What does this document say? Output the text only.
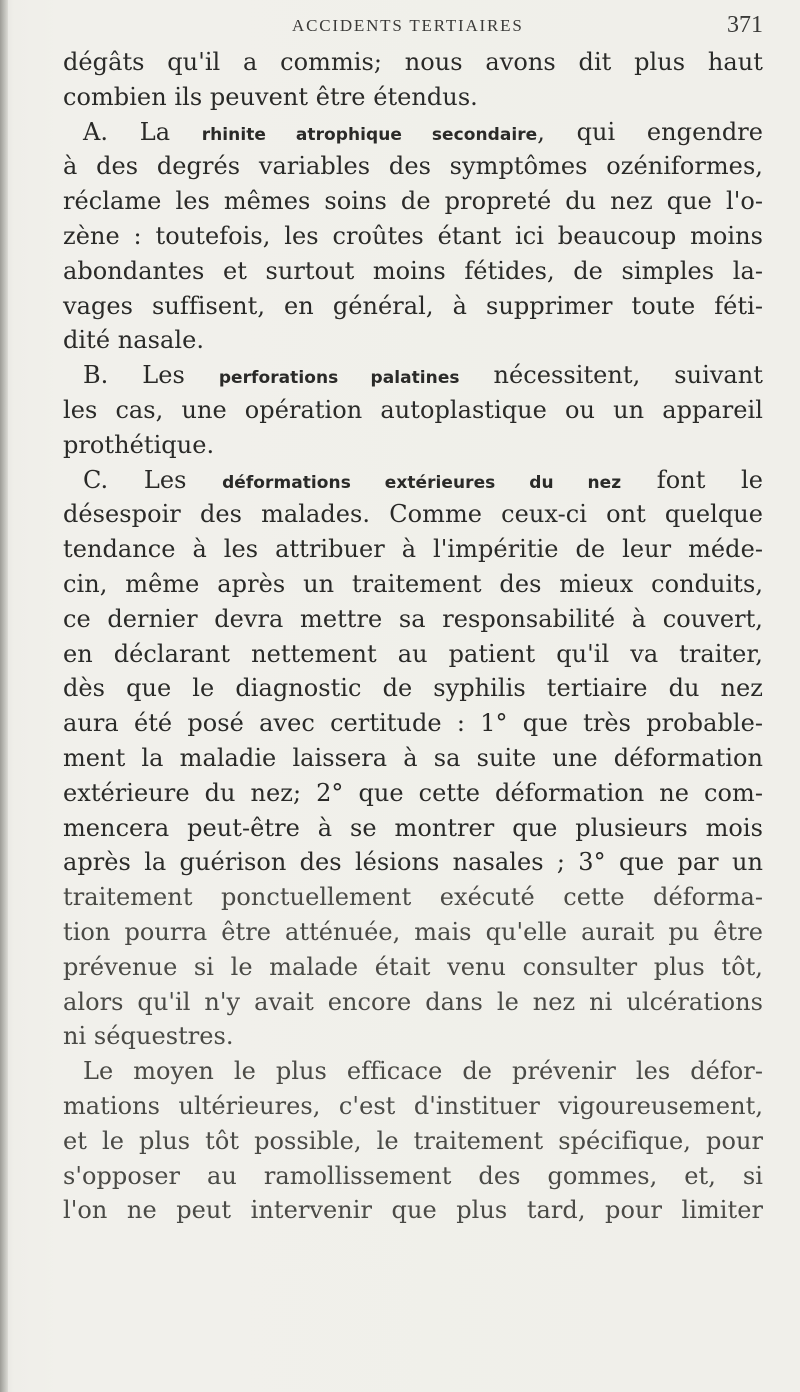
ACCIDENTS TERTIAIRES	371
dégâts qu'il a commis; nous avons dit plus haut
combien ils peuvent être étendus.
A. La rhinite atrophique secondaire, qui engendre
à des degrés variables des symptômes ozéniformes,
réclame les mêmes soins de propreté du nez que l'o-
zène : toutefois, les croûtes étant ici beaucoup moins
abondantes et surtout moins fétides, de simples la-
vages suffisent, en général, à supprimer toute féti-
dité nasale.
B. Les perforations palatines nécessitent, suivant
les cas, une opération autoplastique ou un appareil
prothétique.
C. Les déformations extérieures du nez font le
désespoir des malades. Comme ceux-ci ont quelque
tendance à les attribuer à l'impéritie de leur méde-
cin, même après un traitement des mieux conduits,
ce dernier devra mettre sa responsabilité à couvert,
en déclarant nettement au patient qu'il va traiter,
dès que le diagnostic de syphilis tertiaire du nez
aura été posé avec certitude : 1° que très probable-
ment la maladie laissera à sa suite une déformation
extérieure du nez; 2° que cette déformation ne com-
mencera peut-être à se montrer que plusieurs mois
après la guérison des lésions nasales ; 3° que par un
traitement ponctuellement exécuté cette déforma-
tion pourra être atténuée, mais qu'elle aurait pu être
prévenue si le malade était venu consulter plus tôt,
alors qu'il n'y avait encore dans le nez ni ulcérations
ni séquestres.
Le moyen le plus efficace de prévenir les défor-
mations ultérieures, c'est d'instituer vigoureusement,
et le plus tôt possible, le traitement spécifique, pour
s'opposer au ramollissement des gommes, et, si
l'on ne peut intervenir que plus tard, pour limiter
